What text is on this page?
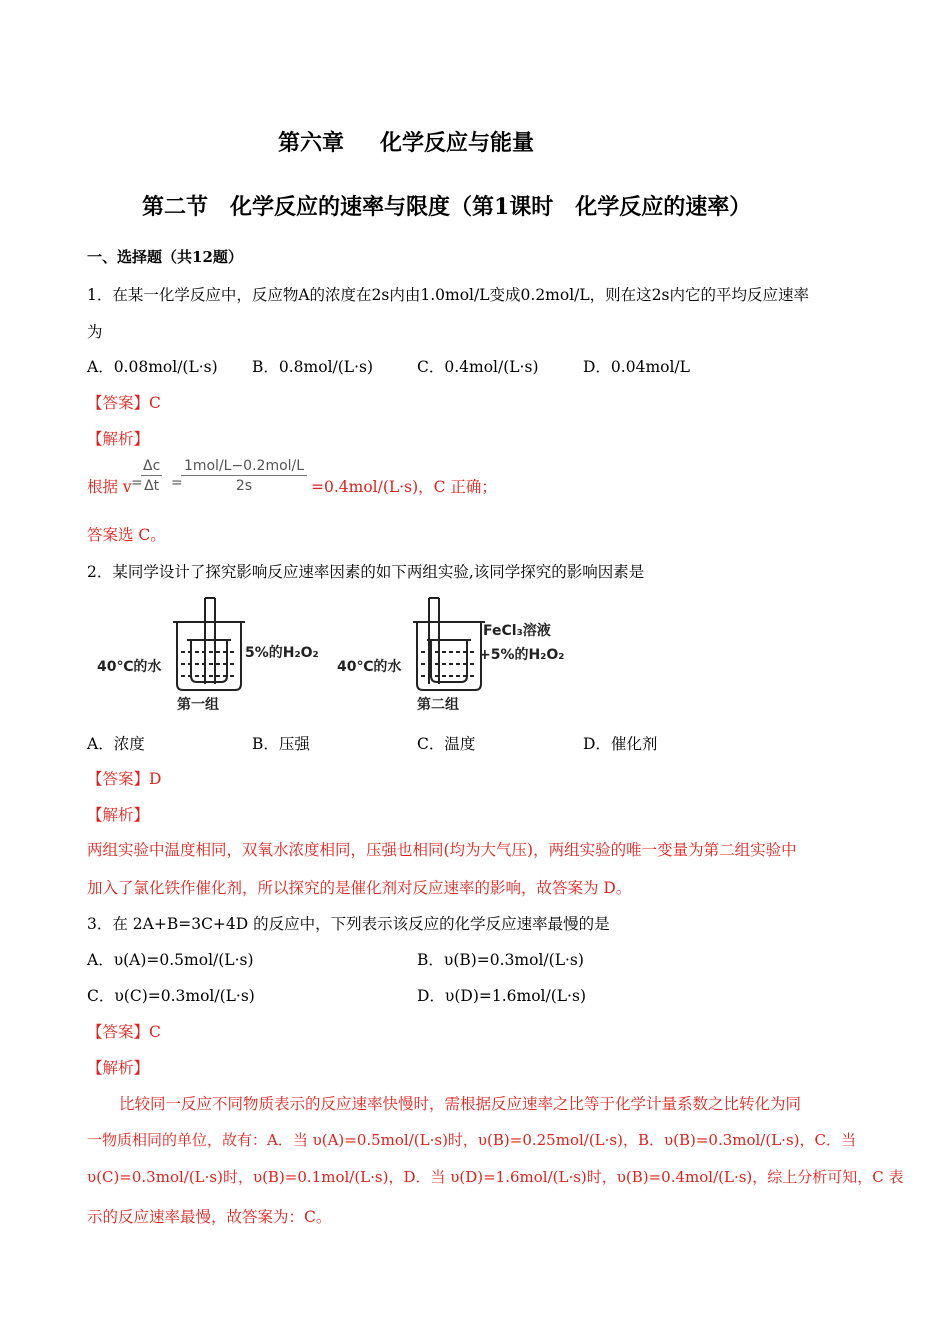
第六章 化学反应与能量
第二节　化学反应的速率与限度（第1课时　化学反应的速率）
一、选择题（共12题）
1．在某一化学反应中，反应物A的浓度在2s内由1.0mol/L变成0.2mol/L，则在这2s内它的平均反应速率
为
A．0.08mol/(L·s) B．0.8mol/(L·s)	C．0.4mol/(L·s)	D．0.04mol/L
【答案】C
【解析】
根据 v =
$\frac{\Delta c}{\Delta t}$ =
1mol/L−0.2mol/L
2s	=0.4mol/(L·s)，C 正确；
答案选 C。
2．某同学设计了探究影响反应速率因素的如下两组实验,该同学探究的影响因素是
40℃的水
5%的H₂O₂
第一组
40℃的水
FeCl₃溶液
+5%的H₂O₂
第二组
A．浓度	B．压强	C．温度	D．催化剂
【答案】D
【解析】
两组实验中温度相同，双氧水浓度相同，压强也相同(均为大气压)，两组实验的唯一变量为第二组实验中
加入了氯化铁作催化剂，所以探究的是催化剂对反应速率的影响，故答案为 D。
3．在 2A+B=3C+4D 的反应中，下列表示该反应的化学反应速率最慢的是
A．υ(A)=0.5mol/(L·s)	B．υ(B)=0.3mol/(L·s)
C．υ(C)=0.3mol/(L·s)	D．υ(D)=1.6mol/(L·s)
【答案】C
【解析】
比较同一反应不同物质表示的反应速率快慢时，需根据反应速率之比等于化学计量系数之比转化为同
一物质相同的单位，故有：A．当 υ(A)=0.5mol/(L·s)时，υ(B)=0.25mol/(L·s)，B．υ(B)=0.3mol/(L·s)，C．当
υ(C)=0.3mol/(L·s)时，υ(B)=0.1mol/(L·s)，D．当 υ(D)=1.6mol/(L·s)时，υ(B)=0.4mol/(L·s)，综上分析可知，C 表
示的反应速率最慢，故答案为：C。
